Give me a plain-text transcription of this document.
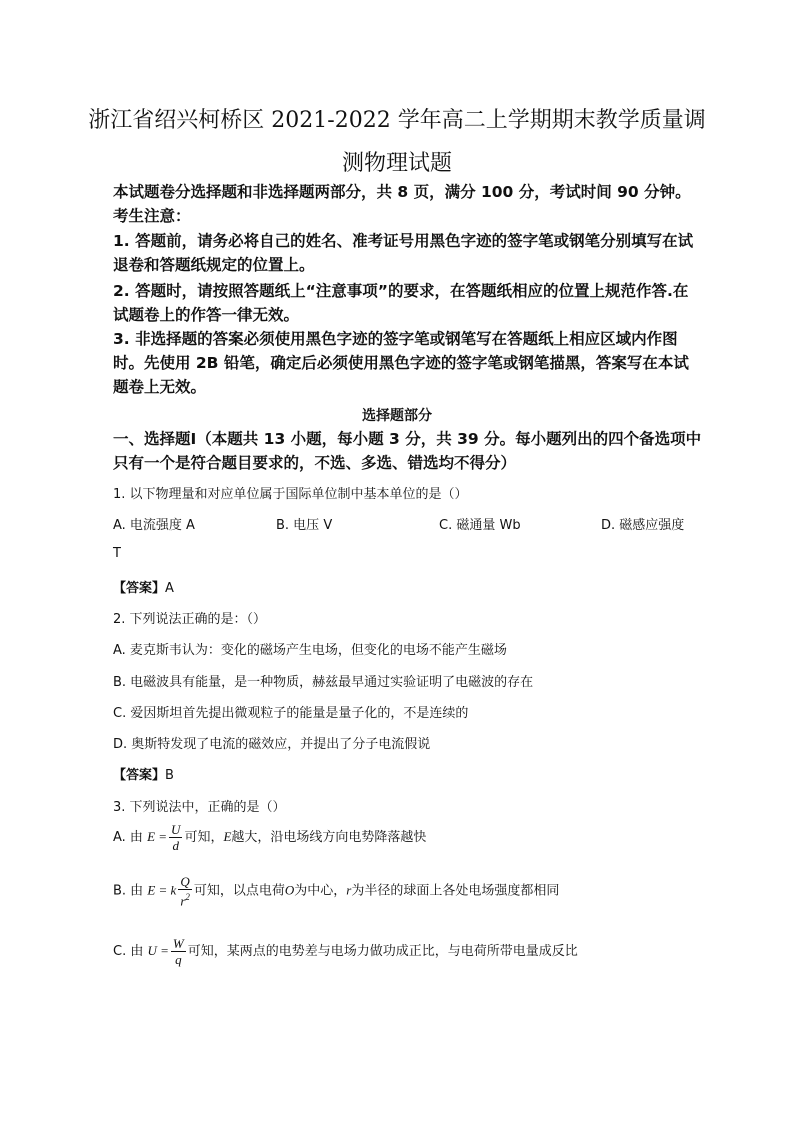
浙江省绍兴柯桥区 2021-2022 学年高二上学期期末教学质量调
测物理试题
本试题卷分选择题和非选择题两部分，共 8 页，满分 100 分，考试时间 90 分钟。
考生注意：
1. 答题前，请务必将自己的姓名、准考证号用黑色字迹的签字笔或钢笔分别填写在试退卷和答题纸规定的位置上。
2. 答题时，请按照答题纸上“注意事项”的要求，在答题纸相应的位置上规范作答.在试题卷上的作答一律无效。
3. 非选择题的答案必须使用黑色字迹的签字笔或钢笔写在答题纸上相应区域内作图时。先使用 2B 铅笔，确定后必须使用黑色字迹的签字笔或钢笔描黑，答案写在本试题卷上无效。
选择题部分
一、选择题Ⅰ（本题共 13 小题，每小题 3 分，共 39 分。每小题列出的四个备选项中只有一个是符合题目要求的，不选、多选、错选均不得分）
1. 以下物理量和对应单位属于国际单位制中基本单位的是（）
A. 电流强度 A	B. 电压 V	C. 磁通量 Wb	D. 磁感应强度
T
【答案】A
2. 下列说法正确的是：（）
A. 麦克斯韦认为：变化的磁场产生电场，但变化的电场不能产生磁场
B. 电磁波具有能量，是一种物质，赫兹最早通过实验证明了电磁波的存在
C. 爱因斯坦首先提出微观粒子的能量是量子化的，不是连续的
D. 奥斯特发现了电流的磁效应，并提出了分子电流假说
【答案】B
3. 下列说法中，正确的是（）
A. 由 $E = \frac{U}{d}$ 可知，E越大，沿电场线方向电势降落越快
B. 由 E = k $\frac{Q}{r^2}$ 可知，以点电荷O为中心，r为半径的球面上各处电场强度都相同
C. 由 $U = \frac{W}{q}$ 可知，某两点的电势差与电场力做功成正比，与电荷所带电量成反比
